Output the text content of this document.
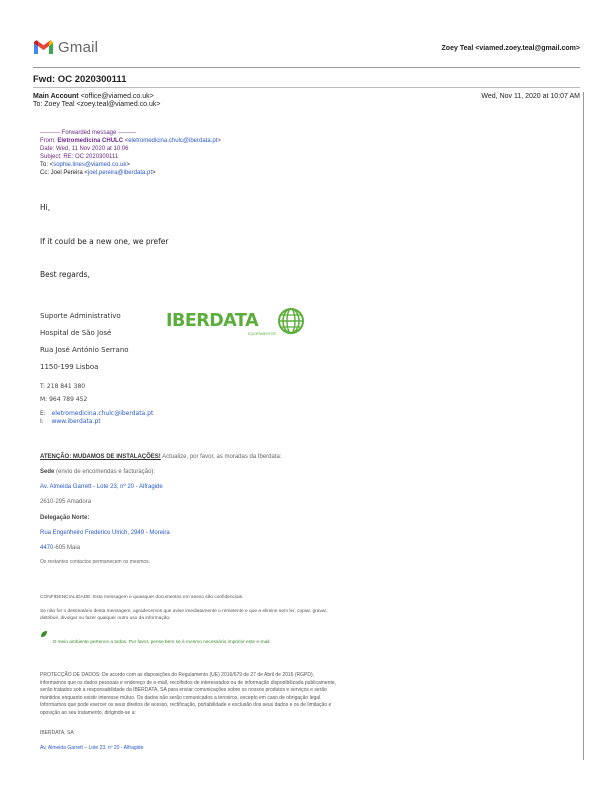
Gmail	Zoey Teal <viamed.zoey.teal@gmail.com>
Fwd: OC 2020300111
Main Account <office@viamed.co.uk>
To: Zoey Teal <zoey.teal@viamed.co.uk>
Wed, Nov 11, 2020 at 10:07 AM
---------- Forwarded message ---------
From: Eletromedicina CHULC <eletromedicina.chulc@iberdata.pt>
Date: Wed, 11 Nov 2020 at 10:06
Subject: RE: OC 2020300111
To: <sophie.lines@viamed.co.uk>
Cc: Joel Pereira <joel.pereira@iberdata.pt>
Hi,
If it could be a new one, we prefer
Best regards,
Suporte Administrativo
Hospital de São José
Rua José António Serrano
1150-199 Lisboa
IBERDATA
EQUIPAMENTOS
T: 218 841 380
M: 964 789 452
E: eletromedicina.chulc@iberdata.pt
I: www.iberdata.pt
ATENÇÃO: MUDAMOS DE INSTALAÇÕES! Actualize, por favor, as moradas da Iberdata:
Sede (envio de encomendas e facturação):
Av. Almeida Garrett - Lote 23, nº 20 - Alfragide
2610-295 Amadora
Delegação Norte:
Rua Engenheiro Frederico Ulrich, 2949 - Moreira
4470-605 Maia
Os restantes contactos permanecem os mesmos.
CONFIDENCIALIDADE: Esta mensagem e quaisquer documentos em anexo são confidenciais.
Se não for o destinatário desta mensagem, agradecemos que avise imediatamente o remetente e que a elimine sem ler, copiar, gravar, distribuir, divulgar ou fazer qualquer outro uso da informação.
O meio ambiente pertence a todos. Por favor, pense bem se é mesmo necessário imprimir este e-mail.
PROTECÇÃO DE DADOS: De acordo com as disposições do Regulamento (UE) 2016/679 de 27 de Abril de 2016 (RGPD), informamos que os dados pessoais e endereço de e-mail, recolhidos de interessados ou de informação disponibilizada publicamente, serão tratados sob a responsabilidade da IBERDATA, SA para enviar comunicações sobre os nossos produtos e serviços e serão mantidos enquanto existir interesse mútuo. Os dados não serão comunicados a terceiros, excepto em caso de obrigação legal. Informamos que pode exercer os seus direitos de acesso, rectificação, portabilidade e exclusão dos seus dados e os de limitação e oposição ao seu tratamento, dirigindo-se a:
IBERDATA, SA
Av. Almeida Garrett – Lote 23, nº 20 - Alfragide
